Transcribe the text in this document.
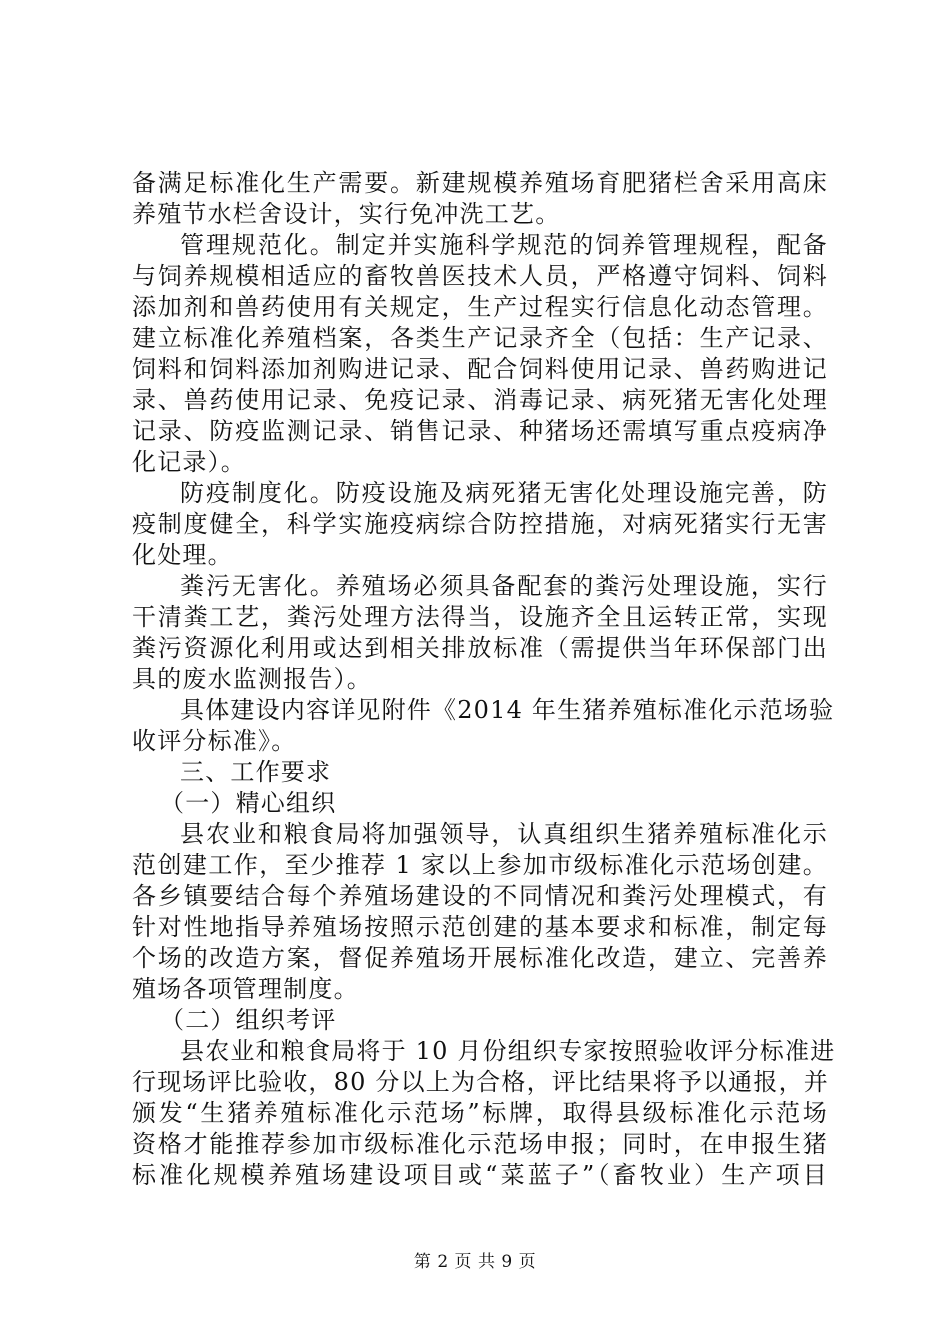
备满足标准化生产需要。新建规模养殖场育肥猪栏舍采用高床
养殖节水栏舍设计，实行免冲洗工艺。
管理规范化。制定并实施科学规范的饲养管理规程，配备
与饲养规模相适应的畜牧兽医技术人员，严格遵守饲料、饲料
添加剂和兽药使用有关规定，生产过程实行信息化动态管理。
建立标准化养殖档案，各类生产记录齐全（包括：生产记录、
饲料和饲料添加剂购进记录、配合饲料使用记录、兽药购进记
录、兽药使用记录、免疫记录、消毒记录、病死猪无害化处理
记录、防疫监测记录、销售记录、种猪场还需填写重点疫病净
化记录）。
防疫制度化。防疫设施及病死猪无害化处理设施完善，防
疫制度健全，科学实施疫病综合防控措施，对病死猪实行无害
化处理。
粪污无害化。养殖场必须具备配套的粪污处理设施，实行
干清粪工艺，粪污处理方法得当，设施齐全且运转正常，实现
粪污资源化利用或达到相关排放标准（需提供当年环保部门出
具的废水监测报告）。
具体建设内容详见附件《2014 年生猪养殖标准化示范场验
收评分标准》。
三、工作要求
（一）精心组织
县农业和粮食局将加强领导，认真组织生猪养殖标准化示
范创建工作，至少推荐 1 家以上参加市级标准化示范场创建。
各乡镇要结合每个养殖场建设的不同情况和粪污处理模式，有
针对性地指导养殖场按照示范创建的基本要求和标准，制定每
个场的改造方案，督促养殖场开展标准化改造，建立、完善养
殖场各项管理制度。
（二）组织考评
县农业和粮食局将于 10 月份组织专家按照验收评分标准进
行现场评比验收，80 分以上为合格，评比结果将予以通报，并
颁发“生猪养殖标准化示范场”标牌，取得县级标准化示范场
资格才能推荐参加市级标准化示范场申报；同时，在申报生猪
标准化规模养殖场建设项目或“菜蓝子”（畜牧业）生产项目
第 2 页 共 9 页
